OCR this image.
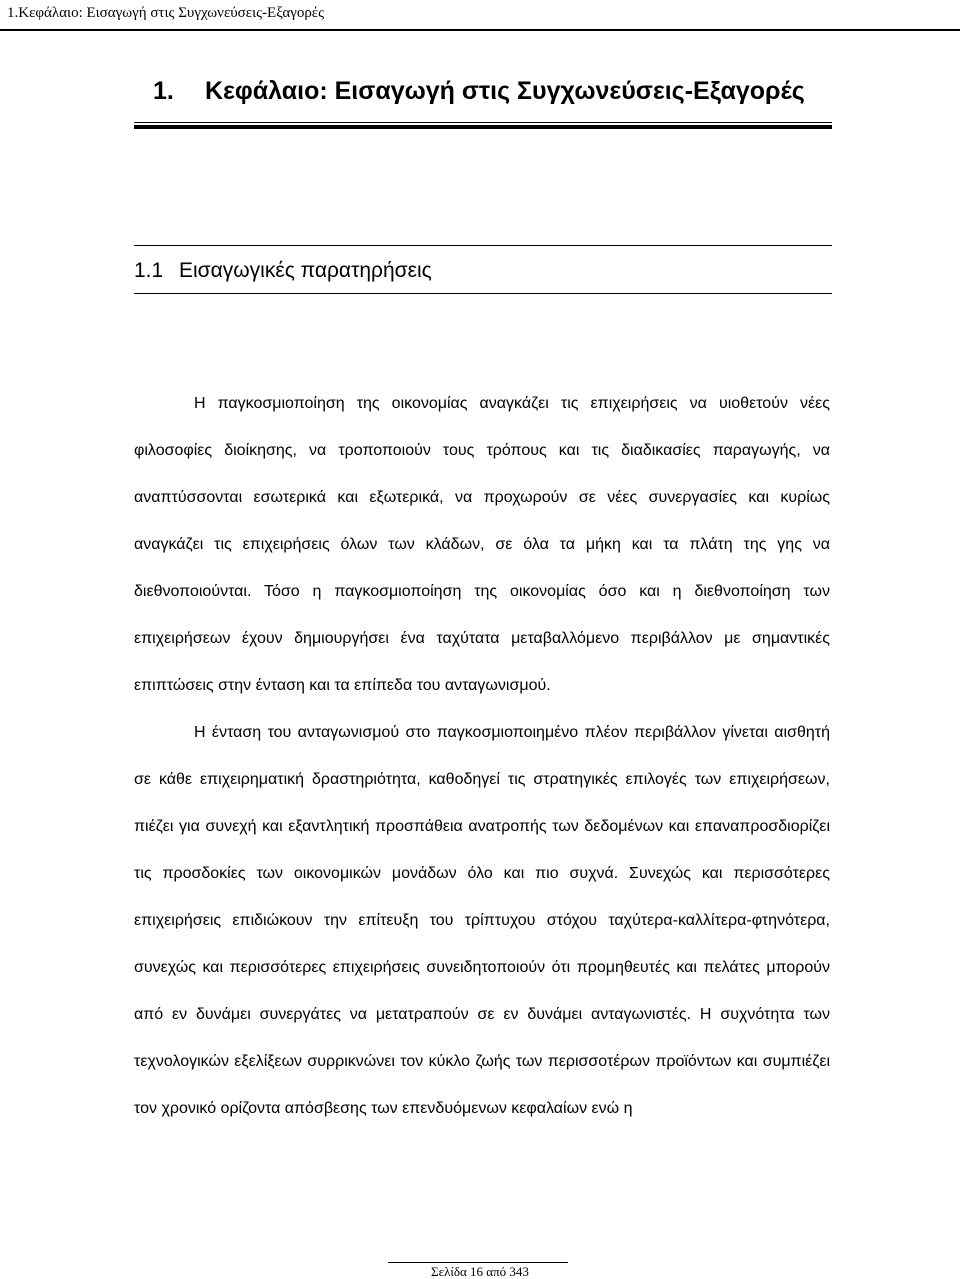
1.Κεφάλαιο: Εισαγωγή στις Συγχωνεύσεις-Εξαγορές
1. Κεφάλαιο: Εισαγωγή στις Συγχωνεύσεις-Εξαγορές
1.1 Εισαγωγικές παρατηρήσεις

Η παγκοσμιοποίηση της οικονομίας αναγκάζει τις επιχειρήσεις να υιοθετούν νέες φιλοσοφίες διοίκησης, να τροποποιούν τους τρόπους και τις διαδικασίες παραγωγής, να αναπτύσσονται εσωτερικά και εξωτερικά, να προχωρούν σε νέες συνεργασίες και κυρίως αναγκάζει τις επιχειρήσεις όλων των κλάδων, σε όλα τα μήκη και τα πλάτη της γης να διεθνοποιούνται. Τόσο η παγκοσμιοποίηση της οικονομίας όσο και η διεθνοποίηση των επιχειρήσεων έχουν δημιουργήσει ένα ταχύτατα μεταβαλλόμενο περιβάλλον με σημαντικές επιπτώσεις στην ένταση και τα επίπεδα του ανταγωνισμού.

Η ένταση του ανταγωνισμού στο παγκοσμιοποιημένο πλέον περιβάλλον γίνεται αισθητή σε κάθε επιχειρηματική δραστηριότητα, καθοδηγεί τις στρατηγικές επιλογές των επιχειρήσεων, πιέζει για συνεχή και εξαντλητική προσπάθεια ανατροπής των δεδομένων και επαναπροσδιορίζει τις προσδοκίες των οικονομικών μονάδων όλο και πιο συχνά. Συνεχώς και περισσότερες επιχειρήσεις επιδιώκουν την επίτευξη του τρίπτυχου στόχου ταχύτερα-καλλίτερα-φτηνότερα, συνεχώς και περισσότερες επιχειρήσεις συνειδητοποιούν ότι προμηθευτές και πελάτες μπορούν από εν δυνάμει συνεργάτες να μετατραπούν σε εν δυνάμει ανταγωνιστές. Η συχνότητα των τεχνολογικών εξελίξεων συρρικνώνει τον κύκλο ζωής των περισσοτέρων προϊόντων και συμπιέζει τον χρονικό ορίζοντα απόσβεσης των επενδυόμενων κεφαλαίων ενώ η

Σελίδα 16 από 343
